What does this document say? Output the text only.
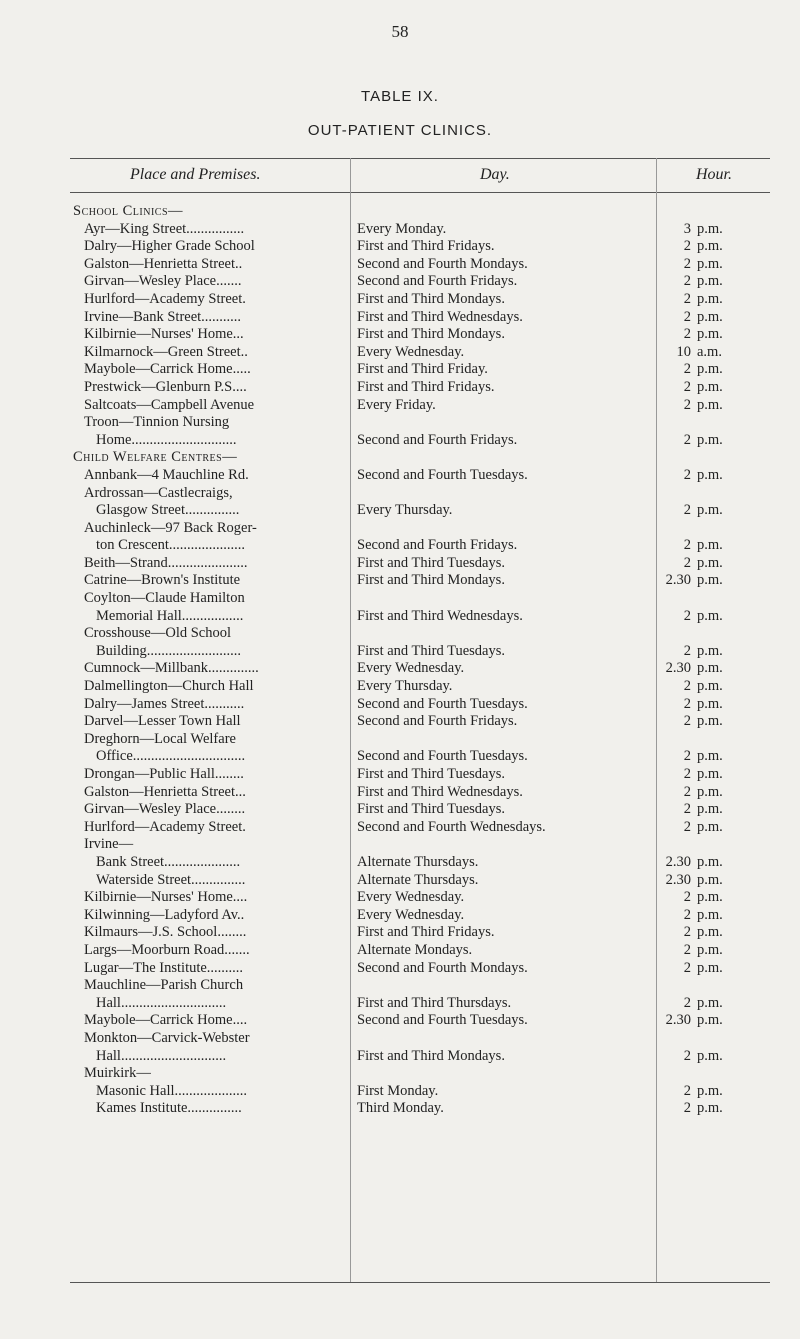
58
TABLE IX.
OUT-PATIENT CLINICS.
Place and Premises.	Day.	Hour.
School Clinics—
Ayr—King Street................	Every Monday.	3 p.m.
Dalry—Higher Grade School	First and Third Fridays.	2 p.m.
Galston—Henrietta Street..	Second and Fourth Mondays.	2 p.m.
Girvan—Wesley Place.......	Second and Fourth Fridays.	2 p.m.
Hurlford—Academy Street.	First and Third Mondays.	2 p.m.
Irvine—Bank Street...........	First and Third Wednesdays.	2 p.m.
Kilbirnie—Nurses' Home...	First and Third Mondays.	2 p.m.
Kilmarnock—Green Street..	Every Wednesday.	10 a.m.
Maybole—Carrick Home.....	First and Third Friday.	2 p.m.
Prestwick—Glenburn P.S....	First and Third Fridays.	2 p.m.
Saltcoats—Campbell Avenue	Every Friday.	2 p.m.
Troon—Tinnion Nursing
Home.............................	Second and Fourth Fridays.	2 p.m.
Child Welfare Centres—
Annbank—4 Mauchline Rd.	Second and Fourth Tuesdays.	2 p.m.
Ardrossan—Castlecraigs,
Glasgow Street...............	Every Thursday.	2 p.m.
Auchinleck—97 Back Roger-
ton Crescent.....................	Second and Fourth Fridays.	2 p.m.
Beith—Strand......................	First and Third Tuesdays.	2 p.m.
Catrine—Brown's Institute	First and Third Mondays.	2.30 p.m.
Coylton—Claude Hamilton
Memorial Hall.................	First and Third Wednesdays.	2 p.m.
Crosshouse—Old School
Building..........................	First and Third Tuesdays.	2 p.m.
Cumnock—Millbank..............	Every Wednesday.	2.30 p.m.
Dalmellington—Church Hall	Every Thursday.	2 p.m.
Dalry—James Street...........	Second and Fourth Tuesdays.	2 p.m.
Darvel—Lesser Town Hall	Second and Fourth Fridays.	2 p.m.
Dreghorn—Local Welfare
Office...............................	Second and Fourth Tuesdays.	2 p.m.
Drongan—Public Hall........	First and Third Tuesdays.	2 p.m.
Galston—Henrietta Street...	First and Third Wednesdays.	2 p.m.
Girvan—Wesley Place........	First and Third Tuesdays.	2 p.m.
Hurlford—Academy Street.	Second and Fourth Wednesdays.	2 p.m.
Irvine—
Bank Street.....................	Alternate Thursdays.	2.30 p.m.
Waterside Street...............	Alternate Thursdays.	2.30 p.m.
Kilbirnie—Nurses' Home....	Every Wednesday.	2 p.m.
Kilwinning—Ladyford Av..	Every Wednesday.	2 p.m.
Kilmaurs—J.S. School........	First and Third Fridays.	2 p.m.
Largs—Moorburn Road.......	Alternate Mondays.	2 p.m.
Lugar—The Institute..........	Second and Fourth Mondays.	2 p.m.
Mauchline—Parish Church
Hall.............................	First and Third Thursdays.	2 p.m.
Maybole—Carrick Home....	Second and Fourth Tuesdays.	2.30 p.m.
Monkton—Carvick-Webster
Hall.............................	First and Third Mondays.	2 p.m.
Muirkirk—
Masonic Hall....................	First Monday.	2 p.m.
Kames Institute...............	Third Monday.	2 p.m.
